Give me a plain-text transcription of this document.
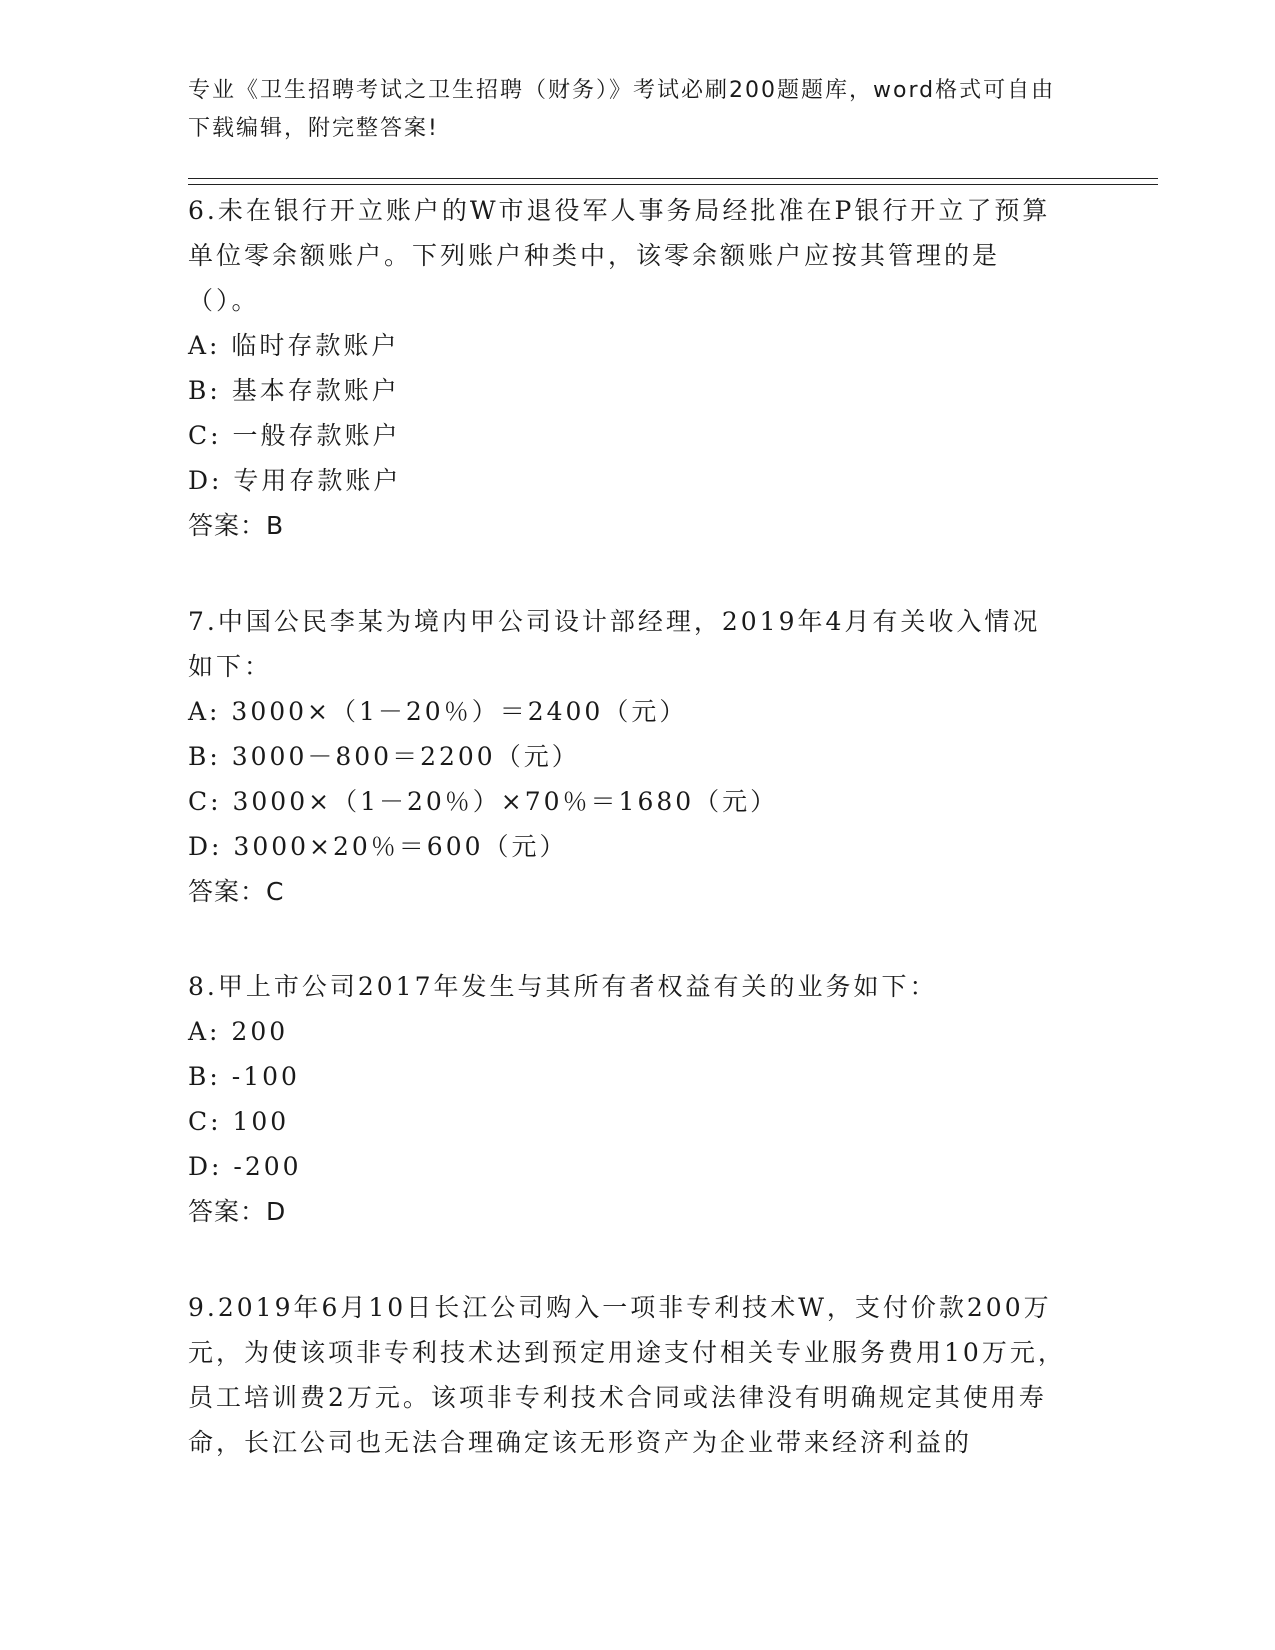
专业《卫生招聘考试之卫生招聘（财务）》考试必刷200题题库，word格式可自由下载编辑，附完整答案!
6.未在银行开立账户的W市退役军人事务局经批准在P银行开立了预算单位零余额账户。下列账户种类中，该零余额账户应按其管理的是（）。
A: 临时存款账户
B: 基本存款账户
C: 一般存款账户
D: 专用存款账户
答案：B
7.中国公民李某为境内甲公司设计部经理，2019年4月有关收入情况如下：
A: 3000×（1－20％）＝2400（元）
B: 3000－800＝2200（元）
C: 3000×（1－20％）×70％＝1680（元）
D: 3000×20％＝600（元）
答案：C
8.甲上市公司2017年发生与其所有者权益有关的业务如下：
A: 200
B: -100
C: 100
D: -200
答案：D
9.2019年6月10日长江公司购入一项非专利技术W，支付价款200万元，为使该项非专利技术达到预定用途支付相关专业服务费用10万元，员工培训费2万元。该项非专利技术合同或法律没有明确规定其使用寿命，长江公司也无法合理确定该无形资产为企业带来经济利益的
